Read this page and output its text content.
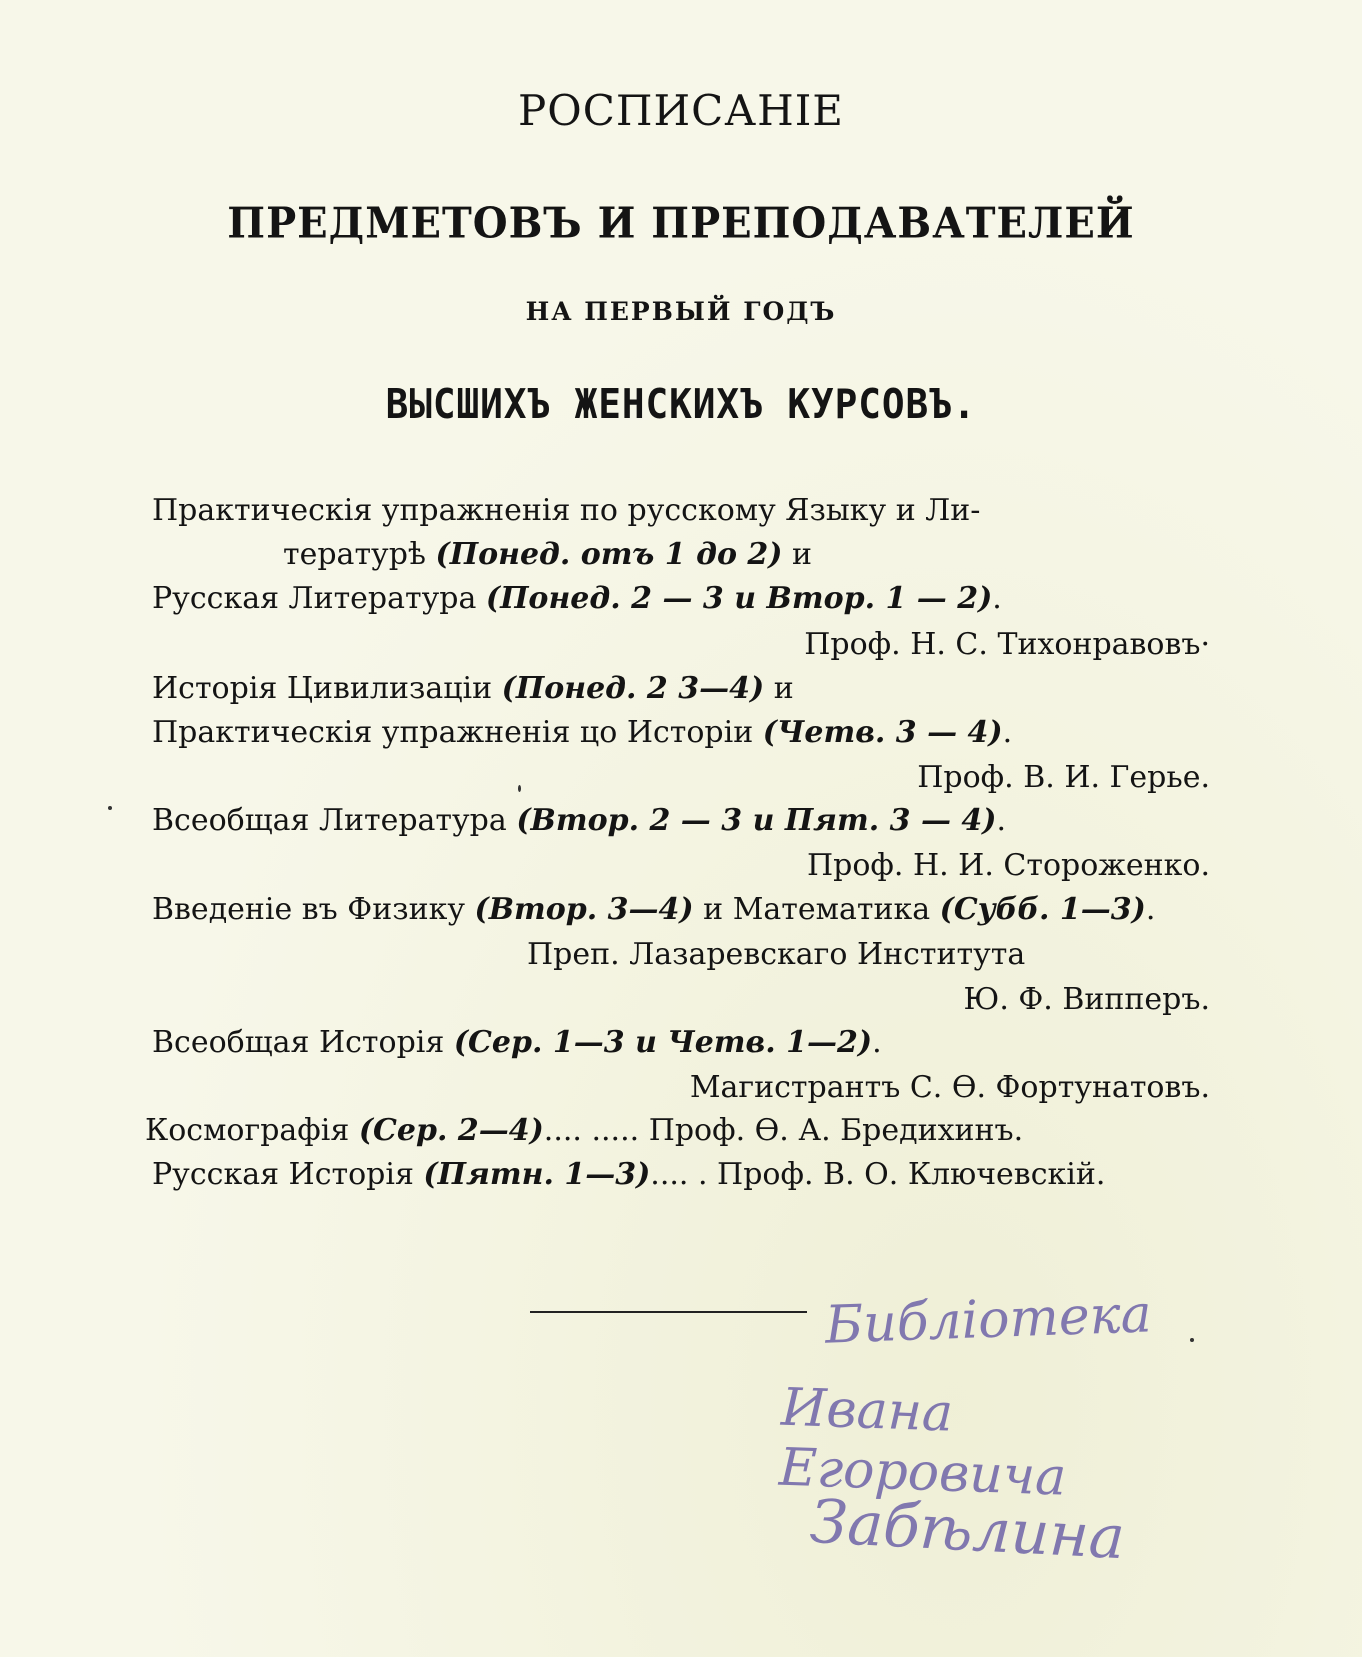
РОСПИСАНІЕ
ПРЕДМЕТОВЪ И ПРЕПОДАВАТЕЛЕЙ
НА ПЕРВЫЙ ГОДЪ
ВЫСШИХЪ ЖЕНСКИХЪ КУРСОВЪ.
Практическія упражненія по русскому Языку и Ли-
тературѣ (Понед. отъ 1 до 2) и
Русская Литература (Понед. 2 — 3 и Втор. 1 — 2).
Проф. Н. С. Тихонравовъ·
Исторія Цивилизаціи (Понед. 2 3—4) и
Практическія упражненія цо Исторіи (Четв. 3 — 4).
Проф. В. И. Герье.
Всеобщая Литература (Втор. 2 — 3 и Пят. 3 — 4).
Проф. Н. И. Стороженко.
Введеніе въ Физику (Втор. 3—4) и Математика (Субб. 1—3).
Преп. Лазаревскаго Института
Ю. Ф. Випперъ.
Всеобщая Исторія (Сер. 1—3 и Четв. 1—2).
Магистрантъ С. Ѳ. Фортунатовъ.
Космографія (Сер. 2—4).... ..... Проф. Ѳ. А. Бредихинъ.
Русская Исторія (Пятн. 1—3).... . Проф. В. О. Ключевскій.
Библіотека
Ивана Егоровича
Забѣлина
